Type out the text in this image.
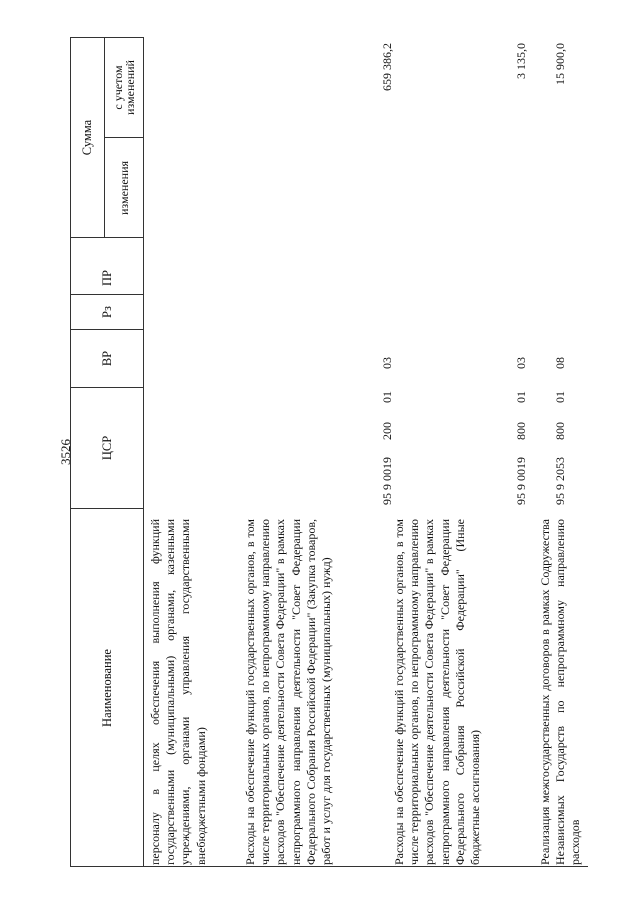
3526
Наименование
ЦСР
ВР
Рз
ПР
Сумма
изменения
с учетом изменений
персоналу в целях обеспечения выполнения функций государственными (муниципальными) органами, казенными учреждениями, органами управления государственными внебюджетными фондами)	Расходы на обеспечение функций государственных органов, в том числе территориальных органов, по непрограммному направлению расходов "Обеспечение деятельности Совета Федерации" в рамках непрограммного направления деятельности "Совет Федерации Федерального Собрания Российской Федерации" (Закупка товаров, работ и услуг для государственных (муниципальных) нужд)
95 9 0019
200
01
03
659 386,2
Расходы на обеспечение функций государственных органов, в том числе территориальных органов, по непрограммному направлению расходов "Обеспечение деятельности Совета Федерации" в рамках непрограммного направления деятельности "Совет Федерации Федерального Собрания Российской Федерации" (Иные бюджетные ассигнования)
95 9 0019
800
01
03
3 135,0
Реализация межгосударственных договоров в рамках Содружества Независимых Государств по непрограммному направлению расходов
95 9 2053
800
01
08
15 900,0
